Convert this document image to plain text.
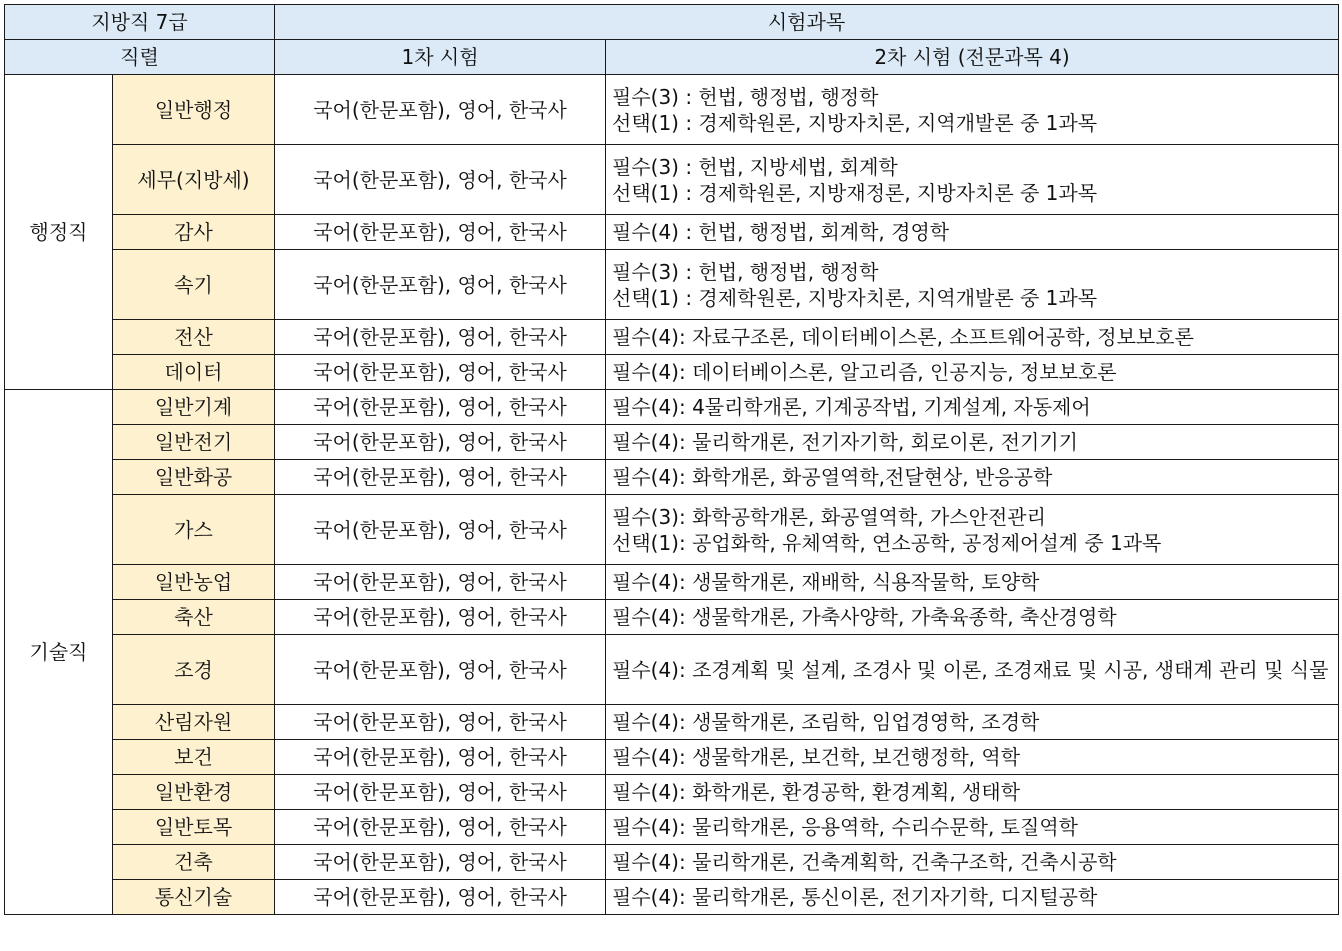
지방직 7급		시험과목	
직렬		1차 시험	2차 시험 (전문과목 4)
행정직	일반행정	국어(한문포함), 영어, 한국사	필수(3) : 헌법, 행정법, 행정학
선택(1) : 경제학원론, 지방자치론, 지역개발론 중 1과목

	세무(지방세)	국어(한문포함), 영어, 한국사	필수(3) : 헌법, 지방세법, 회계학
선택(1) : 경제학원론, 지방재정론, 지방자치론 중 1과목

	감사	국어(한문포함), 영어, 한국사	필수(4) : 헌법, 행정법, 회계학, 경영학

	속기	국어(한문포함), 영어, 한국사	필수(3) : 헌법, 행정법, 행정학
선택(1) : 경제학원론, 지방자치론, 지역개발론 중 1과목

	전산	국어(한문포함), 영어, 한국사	필수(4): 자료구조론, 데이터베이스론, 소프트웨어공학, 정보보호론

	데이터	국어(한문포함), 영어, 한국사	필수(4): 데이터베이스론, 알고리즘, 인공지능, 정보보호론

기술직	일반기계	국어(한문포함), 영어, 한국사	필수(4): 4물리학개론, 기계공작법, 기계설계, 자동제어

	일반전기	국어(한문포함), 영어, 한국사	필수(4): 물리학개론, 전기자기학, 회로이론, 전기기기

	일반화공	국어(한문포함), 영어, 한국사	필수(4): 화학개론, 화공열역학,전달현상, 반응공학

	가스	국어(한문포함), 영어, 한국사	필수(3): 화학공학개론, 화공열역학, 가스안전관리
선택(1): 공업화학, 유체역학, 연소공학, 공정제어설계 중 1과목

	일반농업	국어(한문포함), 영어, 한국사	필수(4): 생물학개론, 재배학, 식용작물학, 토양학

	축산	국어(한문포함), 영어, 한국사	필수(4): 생물학개론, 가축사양학, 가축육종학, 축산경영학

	조경	국어(한문포함), 영어, 한국사	필수(4): 조경계획 및 설계, 조경사 및 이론, 조경재료 및 시공, 생태계 관리 및 식물

	산림자원	국어(한문포함), 영어, 한국사	필수(4): 생물학개론, 조림학, 임업경영학, 조경학

	보건	국어(한문포함), 영어, 한국사	필수(4): 생물학개론, 보건학, 보건행정학, 역학

	일반환경	국어(한문포함), 영어, 한국사	필수(4): 화학개론, 환경공학, 환경계획, 생태학

	일반토목	국어(한문포함), 영어, 한국사	필수(4): 물리학개론, 응용역학, 수리수문학, 토질역학

	건축	국어(한문포함), 영어, 한국사	필수(4): 물리학개론, 건축계획학, 건축구조학, 건축시공학

	통신기술	국어(한문포함), 영어, 한국사	필수(4): 물리학개론, 통신이론, 전기자기학, 디지털공학
